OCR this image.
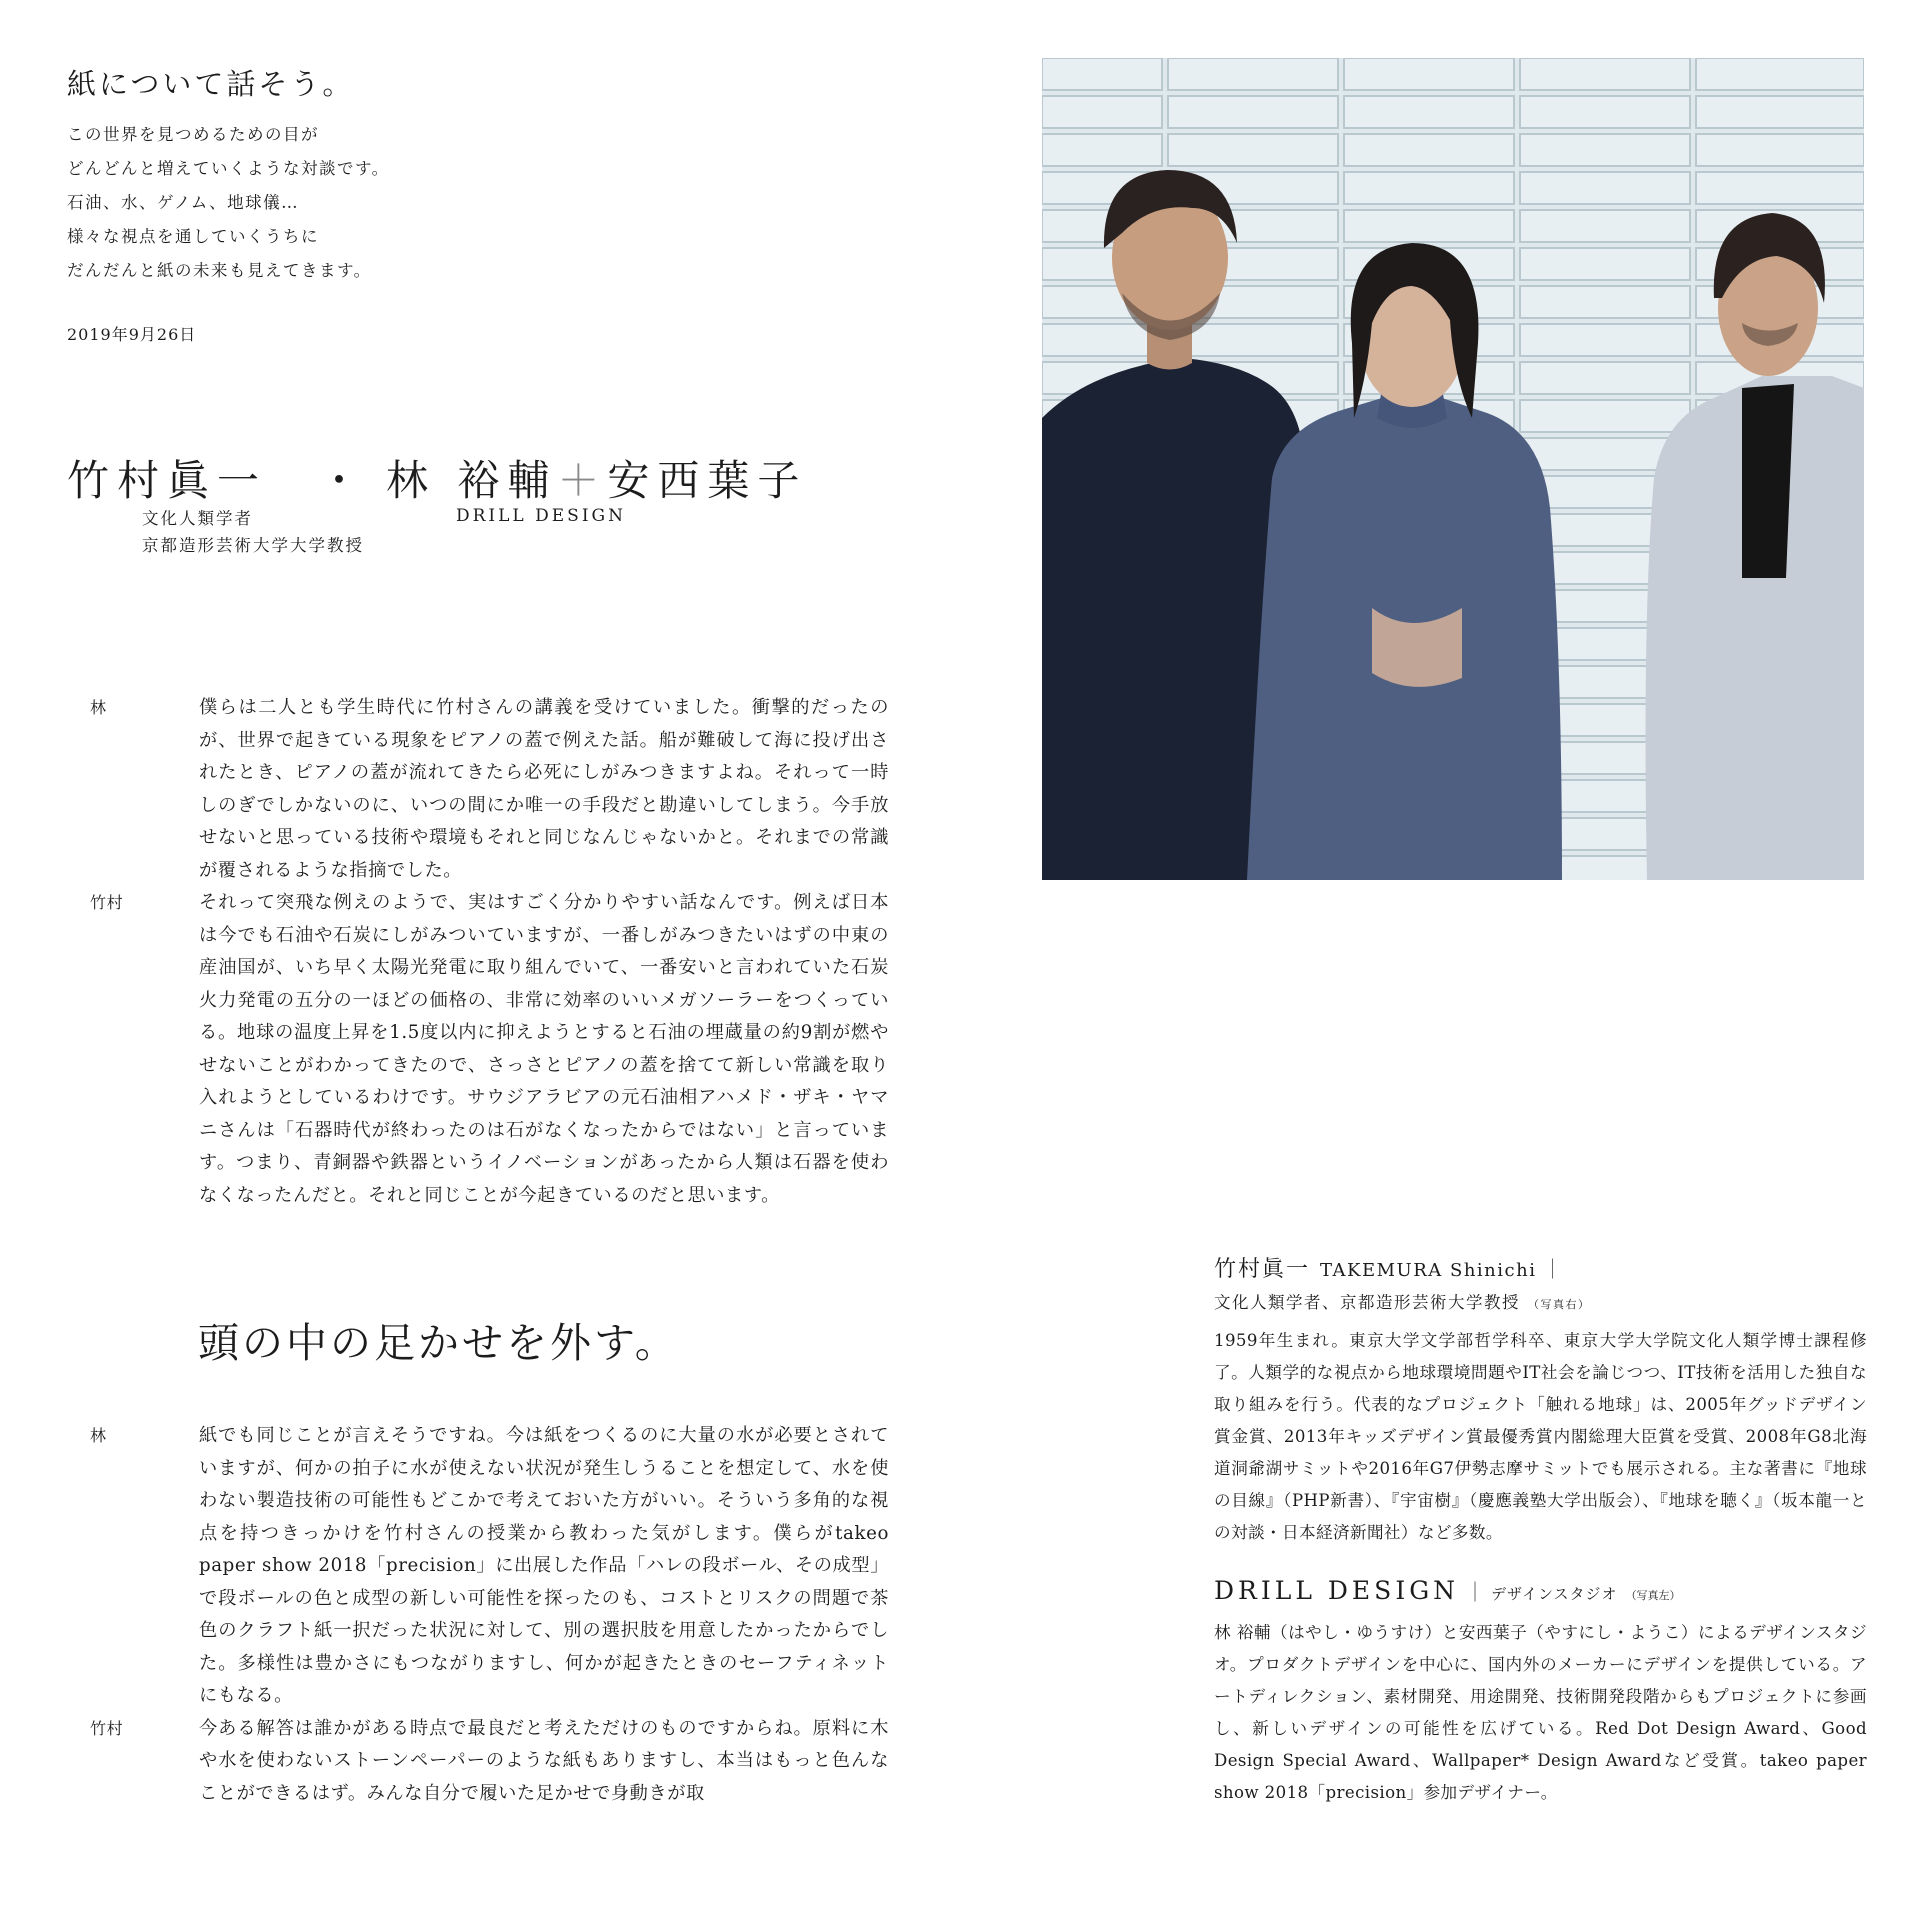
紙について話そう。
この世界を見つめるための目が
どんどんと増えていくような対談です。
石油、水、ゲノム、地球儀…
様々な視点を通していくうちに
だんだんと紙の未来も見えてきます。
2019年9月26日
竹村眞一 ・ 林 裕輔＋安西葉子
文化人類学者
京都造形芸術大学大学教授
DRILL DESIGN
林	僕らは二人とも学生時代に竹村さんの講義を受けていました。衝撃的だったのが、世界で起きている現象をピアノの蓋で例えた話。船が難破して海に投げ出されたとき、ピアノの蓋が流れてきたら必死にしがみつきますよね。それって一時しのぎでしかないのに、いつの間にか唯一の手段だと勘違いしてしまう。今手放せないと思っている技術や環境もそれと同じなんじゃないかと。それまでの常識が覆されるような指摘でした。
竹村	それって突飛な例えのようで、実はすごく分かりやすい話なんです。例えば日本は今でも石油や石炭にしがみついていますが、一番しがみつきたいはずの中東の産油国が、いち早く太陽光発電に取り組んでいて、一番安いと言われていた石炭火力発電の五分の一ほどの価格の、非常に効率のいいメガソーラーをつくっている。地球の温度上昇を1.5度以内に抑えようとすると石油の埋蔵量の約9割が燃やせないことがわかってきたので、さっさとピアノの蓋を捨てて新しい常識を取り入れようとしているわけです。サウジアラビアの元石油相アハメド・ザキ・ヤマニさんは「石器時代が終わったのは石がなくなったからではない」と言っています。つまり、青銅器や鉄器というイノベーションがあったから人類は石器を使わなくなったんだと。それと同じことが今起きているのだと思います。
頭の中の足かせを外す。
林	紙でも同じことが言えそうですね。今は紙をつくるのに大量の水が必要とされていますが、何かの拍子に水が使えない状況が発生しうることを想定して、水を使わない製造技術の可能性もどこかで考えておいた方がいい。そういう多角的な視点を持つきっかけを竹村さんの授業から教わった気がします。僕らがtakeo paper show 2018「precision」に出展した作品「ハレの段ボール、その成型」で段ボールの色と成型の新しい可能性を探ったのも、コストとリスクの問題で茶色のクラフト紙一択だった状況に対して、別の選択肢を用意したかったからでした。多様性は豊かさにもつながりますし、何かが起きたときのセーフティネットにもなる。
竹村	今ある解答は誰かがある時点で最良だと考えただけのものですからね。原料に木や水を使わないストーンペーパーのような紙もありますし、本当はもっと色んなことができるはず。みんな自分で履いた足かせで身動きが取
竹村眞一 TAKEMURA Shinichi ｜
文化人類学者、京都造形芸術大学教授 （写真右）
1959年生まれ。東京大学文学部哲学科卒、東京大学大学院文化人類学博士課程修了。人類学的な視点から地球環境問題やIT社会を論じつつ、IT技術を活用した独自な取り組みを行う。代表的なプロジェクト「触れる地球」は、2005年グッドデザイン賞金賞、2013年キッズデザイン賞最優秀賞内閣総理大臣賞を受賞、2008年G8北海道洞爺湖サミットや2016年G7伊勢志摩サミットでも展示される。主な著書に『地球の目線』（PHP新書）、『宇宙樹』（慶應義塾大学出版会）、『地球を聴く』（坂本龍一との対談・日本経済新聞社）など多数。
DRILL DESIGN ｜ デザインスタジオ （写真左）
林 裕輔（はやし・ゆうすけ）と安西葉子（やすにし・ようこ）によるデザインスタジオ。プロダクトデザインを中心に、国内外のメーカーにデザインを提供している。アートディレクション、素材開発、用途開発、技術開発段階からもプロジェクトに参画し、新しいデザインの可能性を広げている。Red Dot Design Award、Good Design Special Award、Wallpaper* Design Awardなど受賞。takeo paper show 2018「precision」参加デザイナー。
